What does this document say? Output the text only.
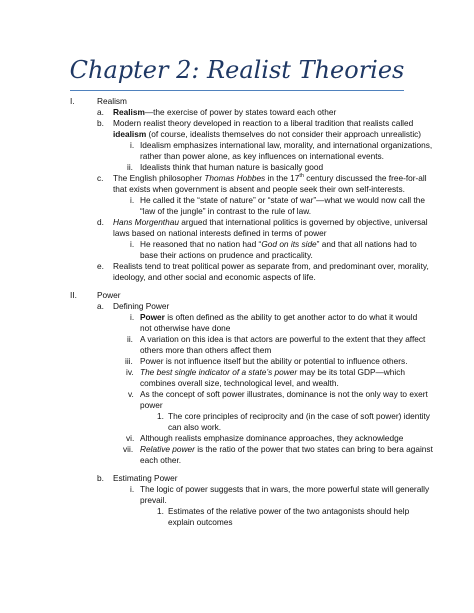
Chapter 2: Realist Theories
I.	Realism
a. Realism—the exercise of power by states toward each other
b. Modern realist theory developed in reaction to a liberal tradition that realists called
idealism (of course, idealists themselves do not consider their approach unrealistic)
i. Idealism emphasizes international law, morality, and international organizations,
rather than power alone, as key influences on international events.
ii. Idealists think that human nature is basically good
c. The English philosopher Thomas Hobbes in the 17th century discussed the free-for-all
that exists when government is absent and people seek their own self-interests.
i. He called it the “state of nature” or “state of war”—what we would now call the
“law of the jungle” in contrast to the rule of law.
d. Hans Morgenthau argued that international politics is governed by objective, universal
laws based on national interests defined in terms of power
i. He reasoned that no nation had “God on its side” and that all nations had to
base their actions on prudence and practicality.
e. Realists tend to treat political power as separate from, and predominant over, morality,
ideology, and other social and economic aspects of life.
II. Power
a. Defining Power
i. Power is often defined as the ability to get another actor to do what it would
not otherwise have done
ii. A variation on this idea is that actors are powerful to the extent that they affect
others more than others affect them
iii. Power is not influence itself but the ability or potential to influence others.
iv. The best single indicator of a state’s power may be its total GDP—which
combines overall size, technological level, and wealth.
v. As the concept of soft power illustrates, dominance is not the only way to exert
power
1. The core principles of reciprocity and (in the case of soft power) identity
can also work.
vi. Although realists emphasize dominance approaches, they acknowledge
vii. Relative power is the ratio of the power that two states can bring to bera against
each other.
b. Estimating Power
i. The logic of power suggests that in wars, the more powerful state will generally
prevail.
1. Estimates of the relative power of the two antagonists should help
explain outcomes
